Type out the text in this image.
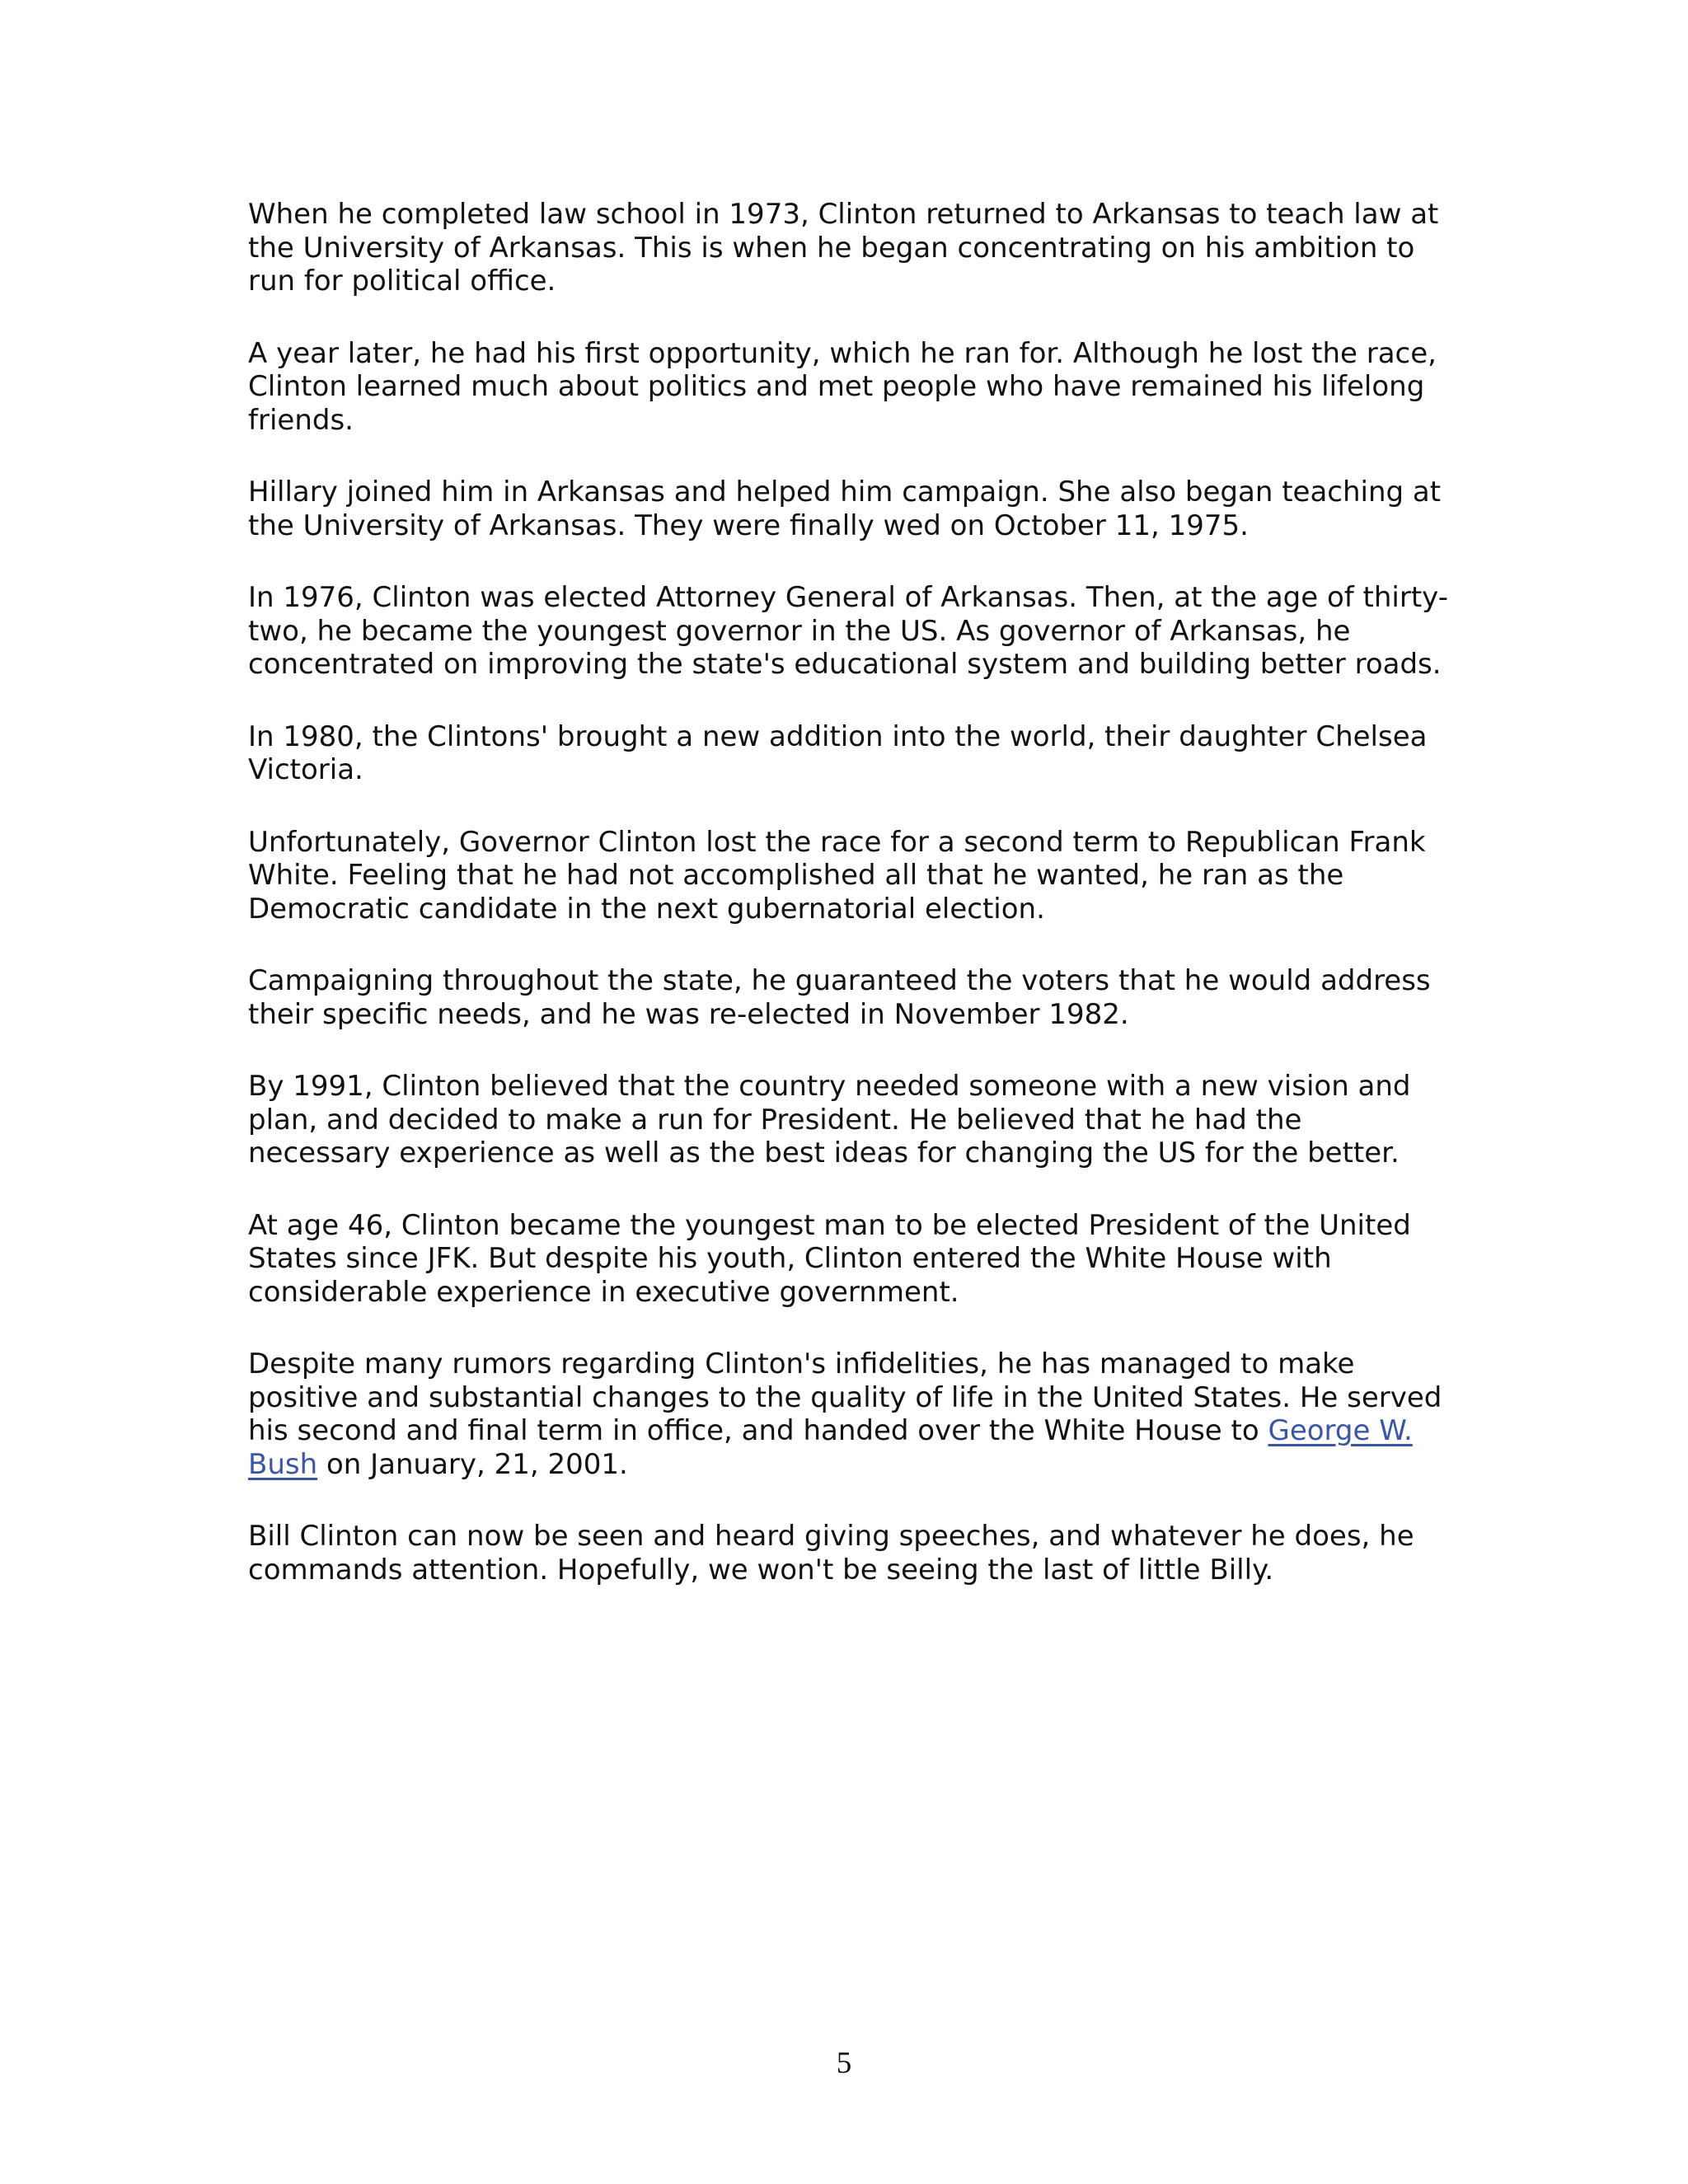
When he completed law school in 1973, Clinton returned to Arkansas to teach law at the University of Arkansas. This is when he began concentrating on his ambition to run for political office.

A year later, he had his first opportunity, which he ran for. Although he lost the race, Clinton learned much about politics and met people who have remained his lifelong friends.

Hillary joined him in Arkansas and helped him campaign. She also began teaching at the University of Arkansas. They were finally wed on October 11, 1975.

In 1976, Clinton was elected Attorney General of Arkansas. Then, at the age of thirty-two, he became the youngest governor in the US. As governor of Arkansas, he concentrated on improving the state's educational system and building better roads.

In 1980, the Clintons' brought a new addition into the world, their daughter Chelsea Victoria.

Unfortunately, Governor Clinton lost the race for a second term to Republican Frank White. Feeling that he had not accomplished all that he wanted, he ran as the Democratic candidate in the next gubernatorial election.

Campaigning throughout the state, he guaranteed the voters that he would address their specific needs, and he was re-elected in November 1982.

By 1991, Clinton believed that the country needed someone with a new vision and plan, and decided to make a run for President. He believed that he had the necessary experience as well as the best ideas for changing the US for the better.

At age 46, Clinton became the youngest man to be elected President of the United States since JFK. But despite his youth, Clinton entered the White House with considerable experience in executive government.

Despite many rumors regarding Clinton's infidelities, he has managed to make positive and substantial changes to the quality of life in the United States. He served his second and final term in office, and handed over the White House to George W. Bush on January, 21, 2001.

Bill Clinton can now be seen and heard giving speeches, and whatever he does, he commands attention. Hopefully, we won't be seeing the last of little Billy.

5
